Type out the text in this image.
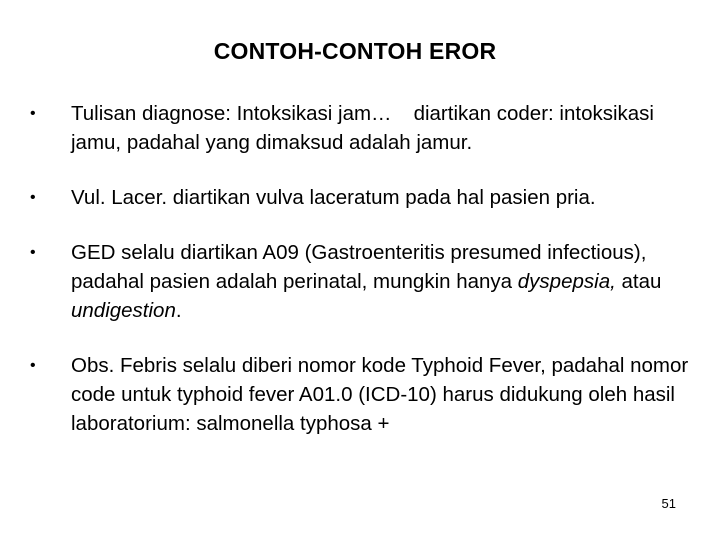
CONTOH-CONTOH EROR
• Tulisan diagnose: Intoksikasi jam… diartikan coder: intoksikasi jamu, padahal yang dimaksud adalah jamur.
• Vul. Lacer. diartikan vulva laceratum pada hal pasien pria.
• GED selalu diartikan A09 (Gastroenteritis presumed infectious), padahal pasien adalah perinatal, mungkin hanya dyspepsia, atau undigestion.
• Obs. Febris selalu diberi nomor kode Typhoid Fever, padahal nomor code untuk typhoid fever A01.0 (ICD-10) harus didukung oleh hasil laboratorium: salmonella typhosa +
51
